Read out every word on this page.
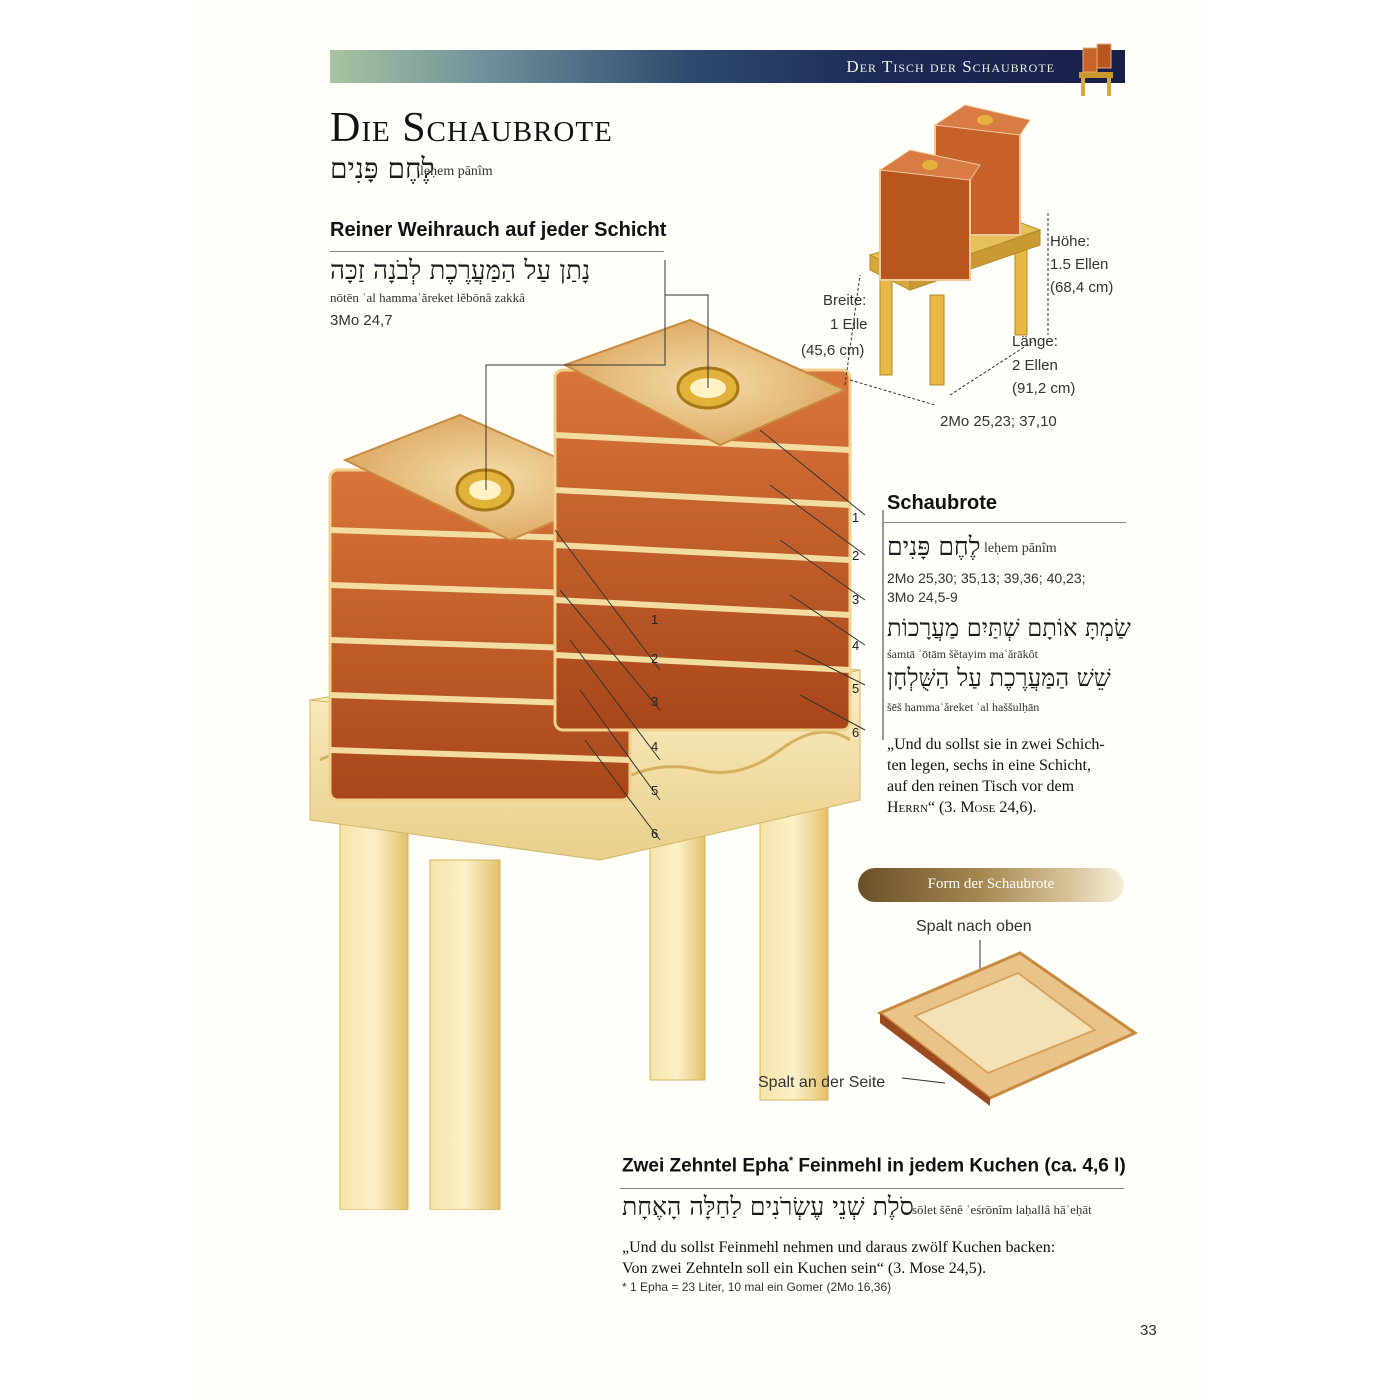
Der Tisch der Schaubrote
Die Schaubrote
לֶחֶם פָּנִים
leḥem pānîm
Reiner Weihrauch auf jeder Schicht
נָתַן עַל הַמַּעֲרֶכֶת לְבֹנָה זַכָּה
nōtēn ʿal hammaʿăreket lĕbōnâ zakkâ
3Mo 24,7
1
2
3
4
5
6
1
2
3
4
5
6
Höhe:
1.5 Ellen
(68,4 cm)
Breite:
1 Elle
(45,6 cm)
Länge:
2 Ellen
(91,2 cm)
2Mo 25,23; 37,10
Schaubrote
לֶחֶם פָּנִים leḥem pānîm
2Mo 25,30; 35,13; 39,36; 40,23;
3Mo 24,5-9
שַׂמְתָּ אוֹתָם שְׁתַּיִם מַעֲרָכוֹת
śamtā ʾōtām šĕtayim maʿărākôt
שֵׁשׁ הַמַּעֲרֶכֶת עַל הַשֻּׁלְחָן
šēš hammaʿăreket ʿal haššulḥān
„Und du sollst sie in zwei Schich-
ten legen, sechs in eine Schicht,
auf den reinen Tisch vor dem
Herrn“ (3. Mose 24,6).
Form der Schaubrote
Spalt nach oben
Spalt an der Seite
Zwei Zehntel Epha* Feinmehl in jedem Kuchen (ca. 4,6 l)
סֹלֶת שְׁנֵי עֶשְׂרֹנִים לַחַלָּה הָאֶחָת
sōlet šĕnê ʿeśrōnîm laḥallâ hāʾeḥāt
„Und du sollst Feinmehl nehmen und daraus zwölf Kuchen backen:
Von zwei Zehnteln soll ein Kuchen sein“ (3. Mose 24,5).
* 1 Epha = 23 Liter, 10 mal ein Gomer (2Mo 16,36)
33
